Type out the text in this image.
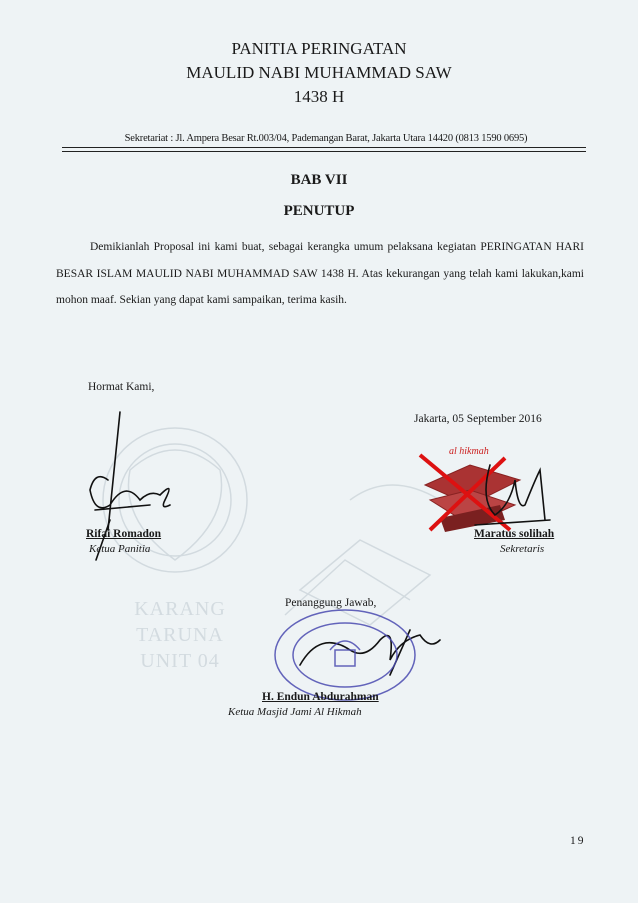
KARANG TARUNA
UNIT 04
PANITIA PERINGATAN
MAULID NABI MUHAMMAD SAW
1438 H
Sekretariat : Jl. Ampera Besar Rt.003/04, Pademangan Barat, Jakarta Utara 14420 (0813 1590 0695)
BAB VII
PENUTUP
Demikianlah Proposal ini kami buat, sebagai kerangka umum pelaksana kegiatan PERINGATAN HARI BESAR ISLAM MAULID NABI MUHAMMAD SAW 1438 H. Atas kekurangan yang telah kami lakukan,kami mohon maaf. Sekian yang dapat kami sampaikan, terima kasih.
Hormat Kami,
Jakarta, 05 September 2016
al hikmah
Rifai Romadon
Ketua Panitia
Maratus solihah
Sekretaris
Penanggung Jawab,
H. Endun Abdurahman
Ketua Masjid Jami Al Hikmah
19
